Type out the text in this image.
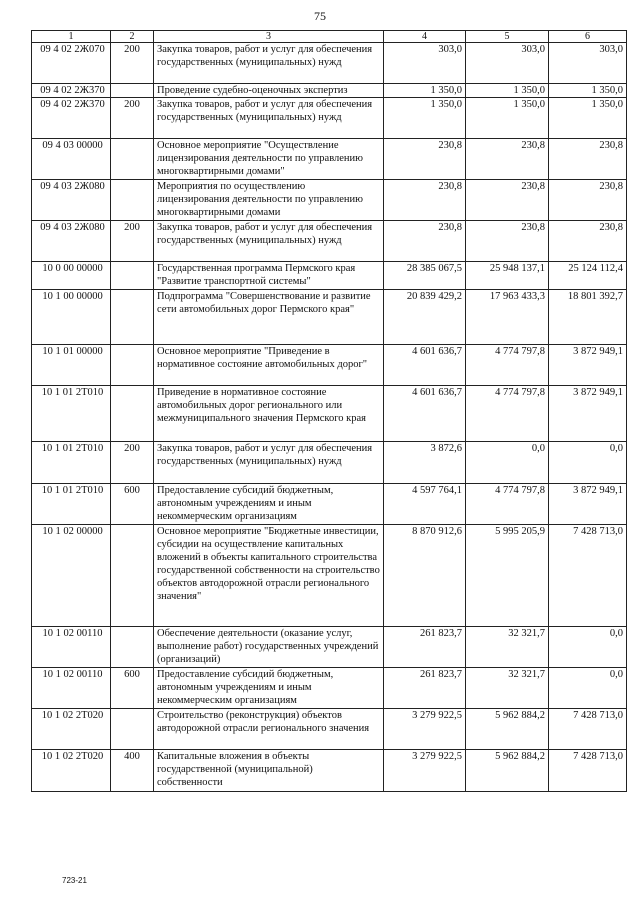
75
1	2	3	4	5	6
09 4 02 2Ж070	200	Закупка товаров, работ и услуг для обеспечения государственных (муниципальных) нужд	303,0	303,0	303,0
09 4 02 2Ж370		Проведение судебно-оценочных экспертиз	1 350,0	1 350,0	1 350,0
09 4 02 2Ж370	200	Закупка товаров, работ и услуг для обеспечения государственных (муниципальных) нужд	1 350,0	1 350,0	1 350,0
09 4 03 00000		Основное мероприятие "Осуществление лицензирования деятельности по управлению многоквартирными домами"	230,8	230,8	230,8
09 4 03 2Ж080		Мероприятия по осуществлению лицензирования деятельности по управлению многоквартирными домами	230,8	230,8	230,8
09 4 03 2Ж080	200	Закупка товаров, работ и услуг для обеспечения государственных (муниципальных) нужд	230,8	230,8	230,8
10 0 00 00000		Государственная программа Пермского края "Развитие транспортной системы"	28 385 067,5	25 948 137,1	25 124 112,4
10 1 00 00000		Подпрограмма "Совершенствование и развитие сети автомобильных дорог Пермского края"	20 839 429,2	17 963 433,3	18 801 392,7
10 1 01 00000		Основное мероприятие "Приведение в нормативное состояние автомобильных дорог"	4 601 636,7	4 774 797,8	3 872 949,1
10 1 01 2Т010		Приведение в нормативное состояние автомобильных дорог регионального или межмуниципального значения Пермского края	4 601 636,7	4 774 797,8	3 872 949,1
10 1 01 2Т010	200	Закупка товаров, работ и услуг для обеспечения государственных (муниципальных) нужд	3 872,6	0,0	0,0
10 1 01 2Т010	600	Предоставление субсидий бюджетным, автономным учреждениям и иным некоммерческим организациям	4 597 764,1	4 774 797,8	3 872 949,1
10 1 02 00000		Основное мероприятие "Бюджетные инвестиции, субсидии на осуществление капитальных вложений в объекты капитального строительства государственной собственности на строительство объектов автодорожной отрасли регионального значения"	8 870 912,6	5 995 205,9	7 428 713,0
10 1 02 00110		Обеспечение деятельности (оказание услуг, выполнение работ) государственных учреждений (организаций)	261 823,7	32 321,7	0,0
10 1 02 00110	600	Предоставление субсидий бюджетным, автономным учреждениям и иным некоммерческим организациям	261 823,7	32 321,7	0,0
10 1 02 2Т020		Строительство (реконструкция) объектов автодорожной отрасли регионального значения	3 279 922,5	5 962 884,2	7 428 713,0
10 1 02 2Т020	400	Капитальные вложения в объекты государственной (муниципальной) собственности	3 279 922,5	5 962 884,2	7 428 713,0
723-21
